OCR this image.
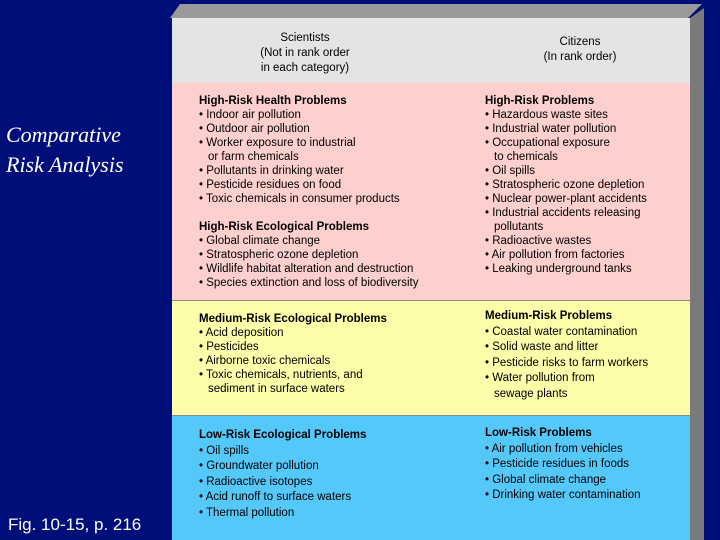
Comparative
Risk Analysis
Fig. 10-15, p. 216
Scientists
(Not in rank order
in each category)
Citizens
(In rank order)
High-Risk Health Problems
• Indoor air pollution
• Outdoor air pollution
• Worker exposure to industrial
or farm chemicals
• Pollutants in drinking water
• Pesticide residues on food
• Toxic chemicals in consumer products
High-Risk Ecological Problems
• Global climate change
• Stratospheric ozone depletion
• Wildlife habitat alteration and destruction
• Species extinction and loss of biodiversity
Medium-Risk Ecological Problems
• Acid deposition
• Pesticides
• Airborne toxic chemicals
• Toxic chemicals, nutrients, and
sediment in surface waters
Low-Risk Ecological Problems
• Oil spills
• Groundwater pollution
• Radioactive isotopes
• Acid runoff to surface waters
• Thermal pollution
High-Risk Problems
• Hazardous waste sites
• Industrial water pollution
• Occupational exposure
to chemicals
• Oil spills
• Stratospheric ozone depletion
• Nuclear power-plant accidents
• Industrial accidents releasing
pollutants
• Radioactive wastes
• Air pollution from factories
• Leaking underground tanks
Medium-Risk Problems
• Coastal water contamination
• Solid waste and litter
• Pesticide risks to farm workers
• Water pollution from
sewage plants
Low-Risk Problems
• Air pollution from vehicles
• Pesticide residues in foods
• Global climate change
• Drinking water contamination
